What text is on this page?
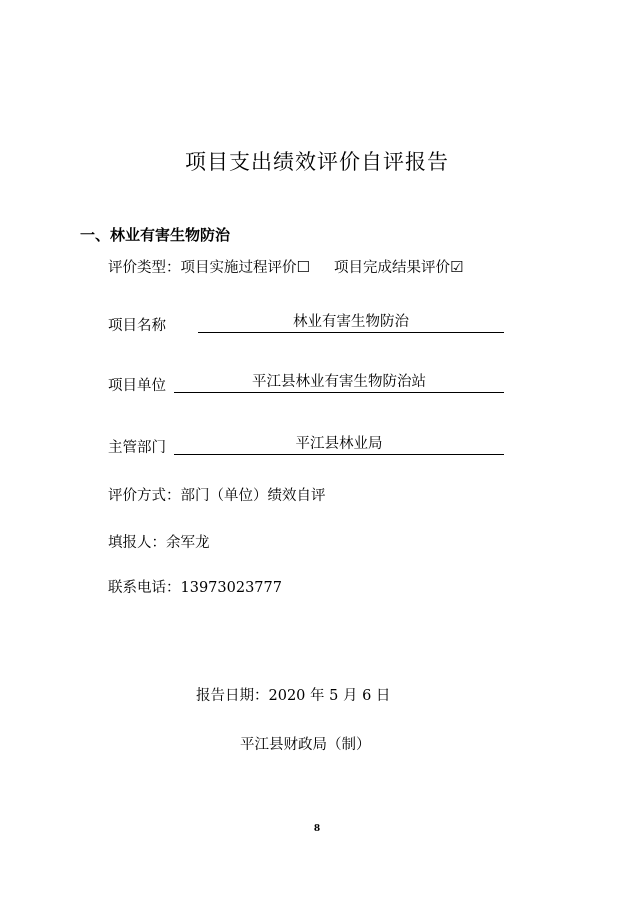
项目支出绩效评价自评报告
一、林业有害生物防治
评价类型：项目实施过程评价☐ 项目完成结果评价☑
项目名称	林业有害生物防治
项目单位	平江县林业有害生物防治站
主管部门	平江县林业局
评价方式：部门（单位）绩效自评
填报人：余军龙
联系电话：13973023777
报告日期：2020 年 5 月 6 日
平江县财政局（制）
8
